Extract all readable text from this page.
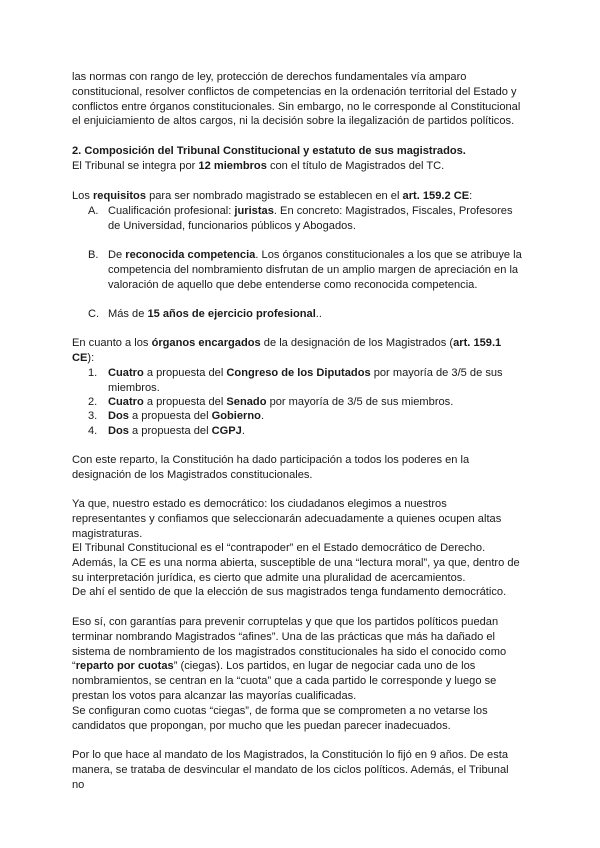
las normas con rango de ley, protección de derechos fundamentales vía amparo constitucional, resolver conflictos de competencias en la ordenación territorial del Estado y conflictos entre órganos constitucionales. Sin embargo, no le corresponde al Constitucional el enjuiciamiento de altos cargos, ni la decisión sobre la ilegalización de partidos políticos.

2. Composición del Tribunal Constitucional y estatuto de sus magistrados.

El Tribunal se integra por 12 miembros con el título de Magistrados del TC.

Los requisitos para ser nombrado magistrado se establecen en el art. 159.2 CE:

A. Cualificación profesional: juristas. En concreto: Magistrados, Fiscales, Profesores de Universidad, funcionarios públicos y Abogados.
B. De reconocida competencia. Los órganos constitucionales a los que se atribuye la competencia del nombramiento disfrutan de un amplio margen de apreciación en la valoración de aquello que debe entenderse como reconocida competencia.
C. Más de 15 años de ejercicio profesional..

En cuanto a los órganos encargados de la designación de los Magistrados (art. 159.1 CE):

1. Cuatro a propuesta del Congreso de los Diputados por mayoría de 3/5 de sus miembros.
2. Cuatro a propuesta del Senado por mayoría de 3/5 de sus miembros.
3. Dos a propuesta del Gobierno.
4. Dos a propuesta del CGPJ.

Con este reparto, la Constitución ha dado participación a todos los poderes en la designación de los Magistrados constitucionales.

Ya que, nuestro estado es democrático: los ciudadanos elegimos a nuestros representantes y confiamos que seleccionarán adecuadamente a quienes ocupen altas magistraturas.

El Tribunal Constitucional es el “contrapoder” en el Estado democrático de Derecho. Además, la CE es una norma abierta, susceptible de una “lectura moral”, ya que, dentro de su interpretación jurídica, es cierto que admite una pluralidad de acercamientos.

De ahí el sentido de que la elección de sus magistrados tenga fundamento democrático.

Eso sí, con garantías para prevenir corruptelas y que que los partidos políticos puedan terminar nombrando Magistrados “afines”. Una de las prácticas que más ha dañado el sistema de nombramiento de los magistrados constitucionales ha sido el conocido como “reparto por cuotas” (ciegas). Los partidos, en lugar de negociar cada uno de los nombramientos, se centran en la “cuota” que a cada partido le corresponde y luego se prestan los votos para alcanzar las mayorías cualificadas.

Se configuran como cuotas “ciegas”, de forma que se comprometen a no vetarse los candidatos que propongan, por mucho que les puedan parecer inadecuados.

Por lo que hace al mandato de los Magistrados, la Constitución lo fijó en 9 años. De esta manera, se trataba de desvincular el mandato de los ciclos políticos. Además, el Tribunal no
